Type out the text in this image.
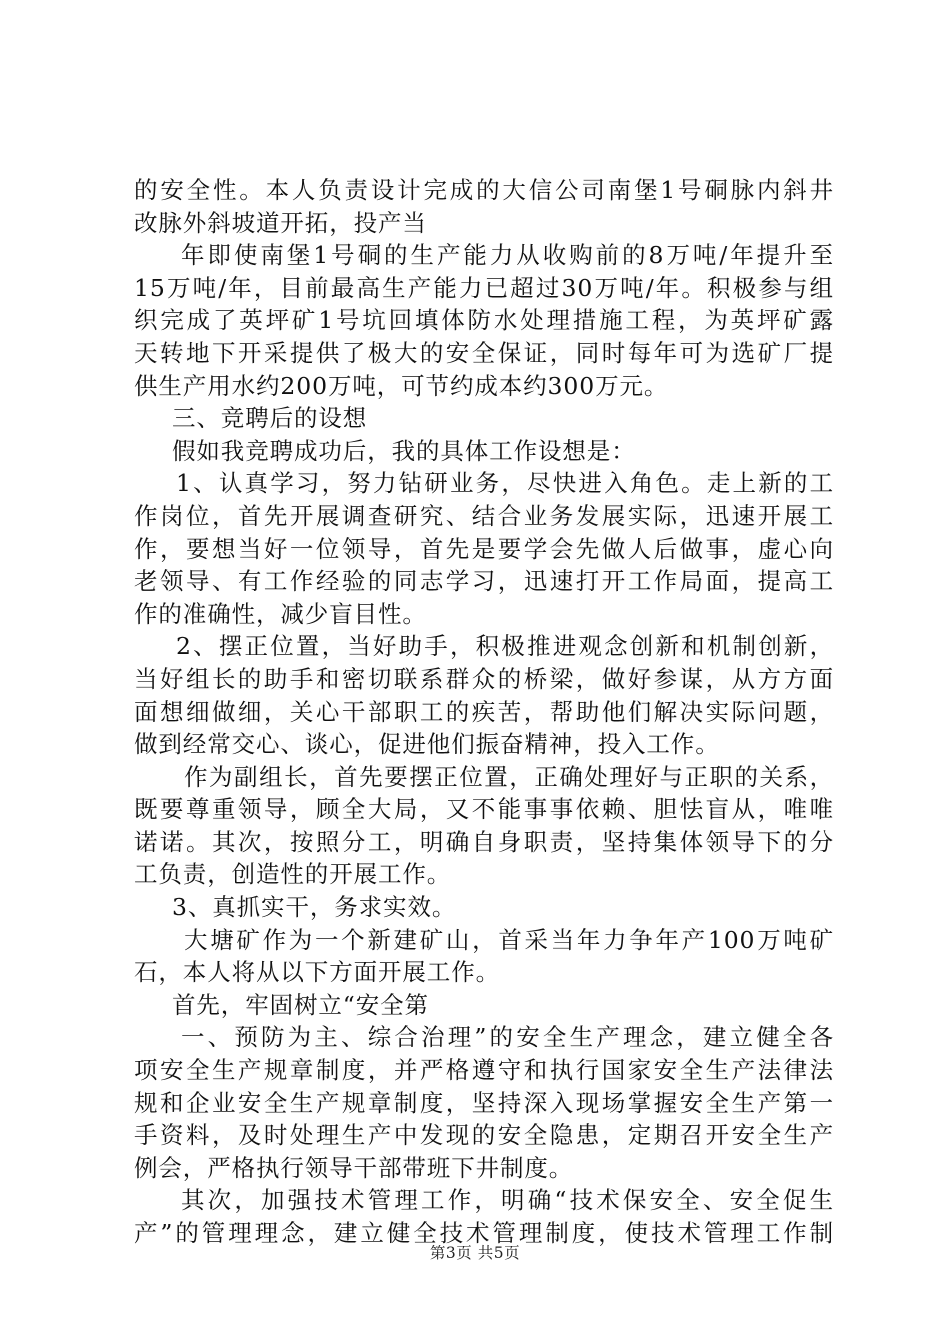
的安全性。本人负责设计完成的大信公司南堡1号硐脉内斜井
改脉外斜坡道开拓，投产当
年即使南堡1号硐的生产能力从收购前的8万吨/年提升至
15万吨/年，目前最高生产能力已超过30万吨/年。积极参与组
织完成了英坪矿1号坑回填体防水处理措施工程，为英坪矿露
天转地下开采提供了极大的安全保证，同时每年可为选矿厂提
供生产用水约200万吨，可节约成本约300万元。
三、竞聘后的设想
假如我竞聘成功后，我的具体工作设想是：
1、认真学习，努力钻研业务，尽快进入角色。走上新的工
作岗位，首先开展调查研究、结合业务发展实际，迅速开展工
作，要想当好一位领导，首先是要学会先做人后做事，虚心向
老领导、有工作经验的同志学习，迅速打开工作局面，提高工
作的准确性，减少盲目性。
2、摆正位置，当好助手，积极推进观念创新和机制创新，
当好组长的助手和密切联系群众的桥梁，做好参谋，从方方面
面想细做细，关心干部职工的疾苦，帮助他们解决实际问题，
做到经常交心、谈心，促进他们振奋精神，投入工作。
作为副组长，首先要摆正位置，正确处理好与正职的关系，
既要尊重领导，顾全大局，又不能事事依赖、胆怯盲从，唯唯
诺诺。其次，按照分工，明确自身职责，坚持集体领导下的分
工负责，创造性的开展工作。
3、真抓实干，务求实效。
大塘矿作为一个新建矿山，首采当年力争年产100万吨矿
石，本人将从以下方面开展工作。
首先，牢固树立“安全第
一、预防为主、综合治理”的安全生产理念，建立健全各
项安全生产规章制度，并严格遵守和执行国家安全生产法律法
规和企业安全生产规章制度，坚持深入现场掌握安全生产第一
手资料，及时处理生产中发现的安全隐患，定期召开安全生产
例会，严格执行领导干部带班下井制度。
其次，加强技术管理工作，明确“技术保安全、安全促生
产”的管理理念，建立健全技术管理制度，使技术管理工作制
第3页 共5页
